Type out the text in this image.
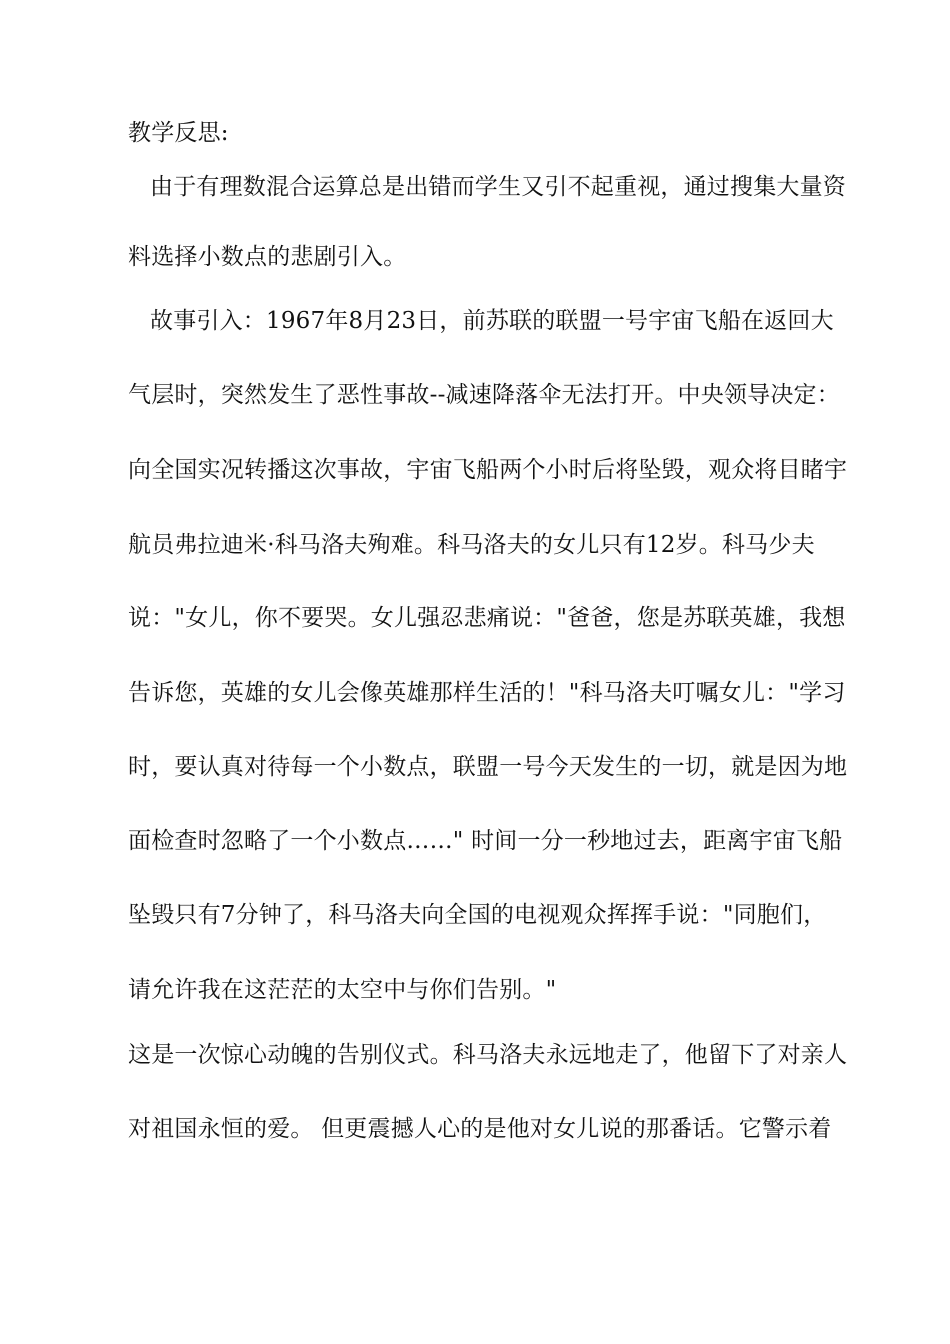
教学反思:
由于有理数混合运算总是出错而学生又引不起重视，通过搜集大量资
料选择小数点的悲剧引入。
故事引入：1967年8月23日，前苏联的联盟一号宇宙飞船在返回大
气层时，突然发生了恶性事故--减速降落伞无法打开。中央领导决定：
向全国实况转播这次事故，宇宙飞船两个小时后将坠毁，观众将目睹宇
航员弗拉迪米·科马洛夫殉难。科马洛夫的女儿只有12岁。科马少夫
说："女儿，你不要哭。女儿强忍悲痛说："爸爸，您是苏联英雄，我想
告诉您，英雄的女儿会像英雄那样生活的！"科马洛夫叮嘱女儿："学习
时，要认真对待每一个小数点，联盟一号今天发生的一切，就是因为地
面检查时忽略了一个小数点……" 时间一分一秒地过去，距离宇宙飞船
坠毁只有7分钟了，科马洛夫向全国的电视观众挥挥手说："同胞们，
请允许我在这茫茫的太空中与你们告别。"
这是一次惊心动魄的告别仪式。科马洛夫永远地走了，他留下了对亲人
对祖国永恒的爱。 但更震撼人心的是他对女儿说的那番话。它警示着
